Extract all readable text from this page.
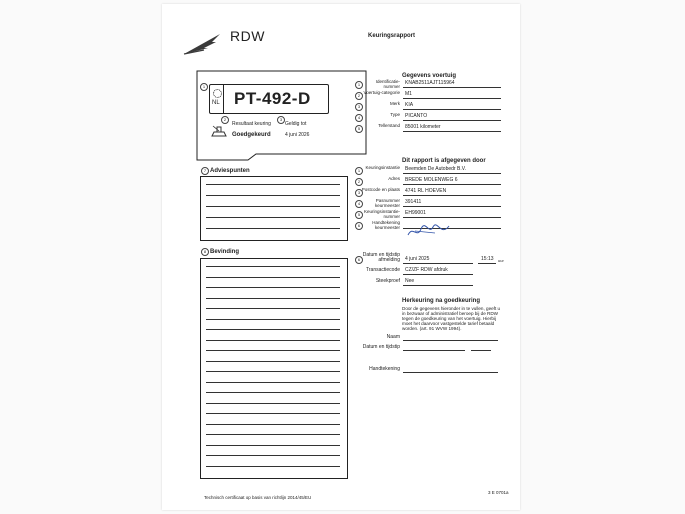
RDW	Keuringsrapport
1
NL PT-492-D
2	3
Resultaat keuring
Goedgekeurd
Geldig tot
4 juni 2026
Gegevens voertuig
1
Identificatie-nummer
KNAB2511AJT115964
2
Voertuig-categorie M1
3
Merk KIA
4
Type PICANTO
5
Tellerstand 85001 kilometer
Dit rapport is afgegeven door
1
Keuringsinstantie Beemden De Autobedr B.V.
2
Adres BREDE MOLENWEG 6
3
Postcode en plaats 4741 RL HOEVEN
4
Pasnummer keurmeester
391411
5
Keuringsinstantie-nummer
EH99001
6
Handtekening keurmeester
6
Datum en tijdstip afmelding 4 juni 2025	15:13 uur
Transactiecode CZ/ZF RDW afdruk
Steekproef Nee
7 Adviespunten
8 Bevinding
Herkeuring na goedkeuring
Door de gegevens hieronder in te vullen, geeft u
in bezwaar of administratief beroep bij de RDW
tegen de goedkeuring van het voertuig. Hierbij
moet het daarvoor vastgestelde tarief betaald
worden. (art. 91 WVW 1994).
Naam
Datum en tijdstip
Handtekening
Technisch certificaat op basis van richtlijn 2014/45/EU
3 E 0701a
